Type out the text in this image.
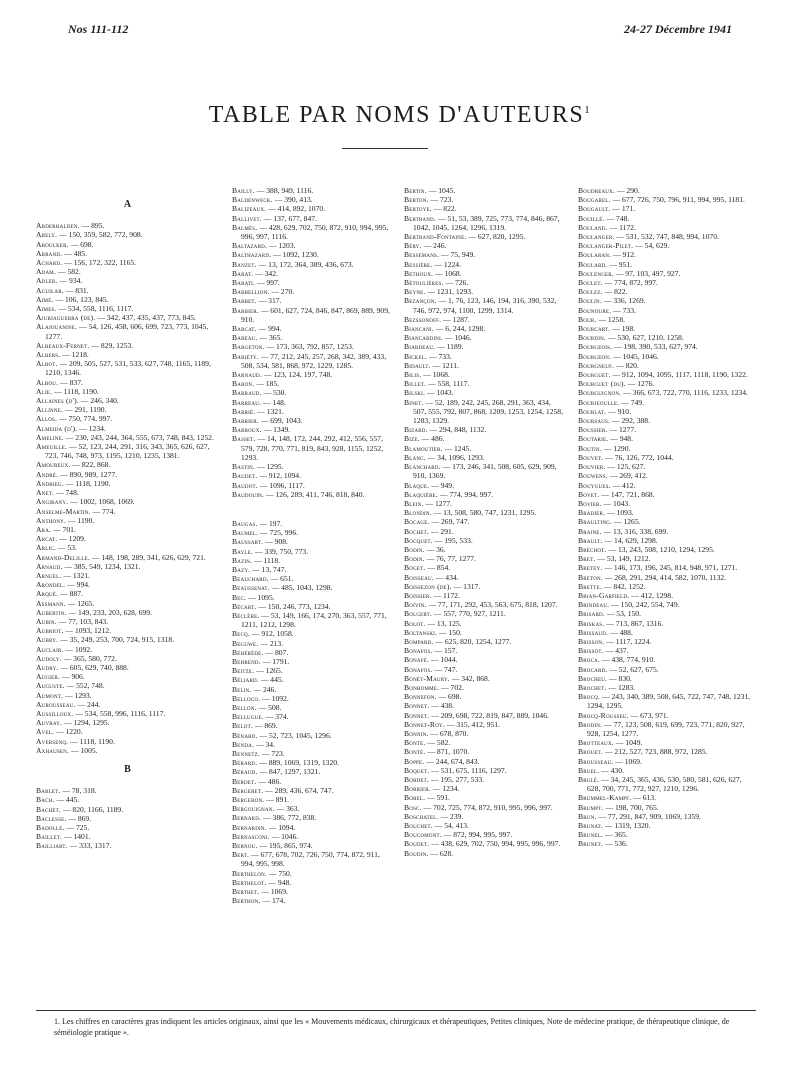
Nos 111-112	24-27 Décembre 1941
TABLE PAR NOMS D'AUTEURS$^1$
A
Abderhalden. — 895.
Abely. — 150, 359, 582, 772, 908.
Aboulker. — 698.
Abrand. — 485.
Achard. — 156, 172, 322, 1165.
Adam. — 582.
Adler. — 934.
Aguilar. — 831.
Aimé. — 106, 123, 845.
Aimes. — 534, 558, 1116, 1117.
Ajuriaguerra (de). — 342, 437, 435, 437, 773, 845.
Alajouanine. — 54, 126, 458, 606, 699, 723, 773, 1045, 1277.
Albeaux-Fernet. — 829, 1253.
Albers. — 1218.
Albot. — 209, 505, 527, 531, 533, 627, 748, 1165, 1189, 1210, 1346.
Albou. — 837.
Alie. — 1118, 1190.
Allaines (d'). — 246, 340.
Allinne. — 291, 1190.
Allos. — 750, 774, 997.
Almeida (d'). — 1234.
Ameline. — 230, 243, 244, 364, 555, 673, 748, 843, 1252.
Ameuille. — 52, 123, 244, 291, 316, 343, 365, 626, 627, 723, 746, 748, 973, 1195, 1210, 1235, 1381.
Amoureux. — 822, 868.
André. — 890, 989, 1277.
Andrieu. — 1118, 1190.
Anet. — 748.
Angibany. — 1002, 1068, 1069.
Anselme-Martin. — 774.
Anthony. — 1190.
Ara. — 701.
Arcat. — 1209.
Arlic. — 53.
Armand-Delille. — 148, 198, 289, 341, 626, 629, 721.
Arnaud. — 385, 549, 1234, 1321.
Arnuel. — 1321.
Arondel. — 994.
Arqué. — 887.
Assmann. — 1265.
Aubertin. — 149, 233, 203, 628, 699.
Aubin. — 77, 103, 843.
Aubriot. — 1093, 1212.
Aubry. — 35, 249, 253, 700, 724, 915, 1318.
Auclair. — 1092.
Audoly. — 365, 580, 772.
Audry. — 605, 629, 740, 888.
Augier. — 906.
Auguste. — 552, 748.
Aumont. — 1293.
Aurousseau. — 244.
Aussilloux. — 534, 558, 996, 1116, 1117.
Auvray. — 1294, 1295.
Avel. — 1220.
Aversenq. — 1118, 1190.
Axhausen. — 1005.
B
Bablet. — 78, 318.
Bach. — 445.
Bachet. — 820, 1166, 1189.
Baclesse. — 869.
Badolle. — 725.
Bailleт. — 1401.
Bailliart. — 333, 1317.
Bailly. — 388, 949, 1116.
Baldenweck. — 390, 413.
Balizeaux. — 414, 892, 1070.
Ballivet. — 137, 677, 847.
Balmès. — 428, 629, 702, 750, 872, 910, 994, 995, 996, 997, 1116.
Baltazard. — 1203.
Balthazard. — 1092, 1230.
Banzet. — 13, 172, 364, 389, 436, 673.
Barat. — 342.
Barati. — 997.
Barbellion. — 270.
Barbet. — 317.
Barbier. — 601, 627, 724, 846, 847, 869, 889, 909, 910.
Barcat. — 994.
Bareau. — 365.
Bargeton. — 173, 363, 792, 857, 1253.
Bariéty. — 77, 212, 245, 257, 268, 342, 389, 433, 508, 534, 581, 868, 972, 1229, 1285.
Barnaud. — 123, 124, 197, 748.
Baron. — 185.
Barraud. — 530.
Barreau. — 148.
Barrié. — 1321.
Barrier. — 699, 1043.
Barroux. — 1349.
Basset. — 14, 148, 172, 244, 292, 412, 556, 557, 579, 728, 770, 771, 819, 843, 928, 1155, 1252, 1293.
Bastin. — 1295.
Baudet. — 912, 1094.
Baudot. — 1096, 1117.
Baudouin. — 126, 289, 411, 746, 818, 840.
Baugas. — 197.
Baumel. — 725, 996.
Baussart. — 908.
Bayle. — 339, 750, 773.
Bazin. — 1118.
Bazy. — 13, 747.
Beauchard. — 651.
Beaussenat. — 485, 1043, 1298.
Bec. — 1095.
Bécart. — 150, 246, 773, 1234.
Béclère. — 53, 149, 166, 174, 270, 363, 557, 771, 1211, 1212, 1298.
Becq. — 912, 1058.
Beguwe. — 213.
Béhérède. — 807.
Behrend. — 1791.
Beitze. — 1265.
Béliard. — 445.
Belin. — 246.
Belloco. — 1092.
Bellon. — 508.
Belluguе. — 374.
Beloт. — 869.
Bénard. — 52, 723, 1045, 1296.
Benda. — 34.
Bennetz. — 723.
Bérard. — 889, 1069, 1319, 1320.
Béraud. — 847, 1297, 1321.
Berdet. — 486.
Bergeret. — 289, 436, 674, 747.
Bergeron. — 891.
Bergouignan. — 363.
Bernard. — 386, 772, 838.
Bernardin. — 1094.
Bernasconi. — 1046.
Bernou. — 195, 865, 974.
Bert. — 677, 678, 702, 726, 750, 774, 872, 911, 994, 995, 998.
Berthelon. — 750.
Berthelot. — 948.
Berthet. — 1069.
Berthon. — 174.
Bertin. — 1045.
Berton. — 723.
Bertoye. — 822.
Bertrand. — 51, 53, 389, 725, 773, 774, 846, 867, 1042, 1045, 1264, 1296, 1319.
Bertrand-Fontaine. — 627, 820, 1295.
Béry. — 246.
Bessemans. — 75, 949.
Bessière. — 1224.
Bethoux. — 1068.
Bétoulières. — 726.
Beyne. — 1231, 1293.
Bezançon. — 1, 76, 123, 146, 194, 316, 390, 532, 746, 972, 974, 1100, 1299, 1314.
Bezssonoff. — 1287.
Biancani. — 6, 244, 1298.
Biancardini. — 1046.
Biardeau. — 1189.
Bickel. — 733.
Bidault. — 1211.
Bilis. — 1068.
Billet. — 558, 1117.
Bilski. — 1043.
Binet. — 52, 189, 242, 245, 268, 291, 363, 434, 507, 555, 792, 807, 868, 1209, 1253, 1254, 1258, 1283, 1329.
Bizard. — 294, 848, 1132.
Bize. — 486.
Blamoutier. — 1245.
Blanc. — 34, 1096, 1293.
Blanchard. — 173, 246, 341, 508, 605, 629, 909, 910, 1369.
Blaque. — 949.
Blaquière. — 774, 994, 997.
Blein. — 1277.
Blondin. — 13, 508, 580, 747, 1231, 1295.
Bocage. — 269, 747.
Bochet. — 291.
Bocquet. — 195, 533.
Bodin. — 36.
Bodin. — 76, 77, 1277.
Boget. — 854.
Boisseau. — 434.
Boissezon (de). — 1317.
Boissier. — 1172.
Boivin. — 77, 171, 292, 453, 563, 675, 818, 1207.
Bolgert. — 557, 770, 927, 1211.
Bolot. — 13, 125.
Boltanski. — 150.
Bompard. — 625, 820, 1254, 1277.
Bonafos. — 157.
Bonafé. — 1044.
Bonafos. — 747.
Bonét-Maury. — 342, 868.
Bonhomme. — 702.
Bonnefon. — 698.
Bonnet. — 438.
Bonnet. — 209, 698, 722, 819, 847, 889, 1046.
Bonnet-Roy. — 315, 412, 951.
Bonnin. — 678, 870.
Bonte. — 582.
Bonté. — 871, 1070.
Boppe. — 244, 674, 843.
Boquet. — 531, 675, 1116, 1297.
Bordet. — 195, 277, 533.
Borrier. — 1234.
Borel. — 591.
Bosc. — 702, 725, 774, 872, 910, 995, 996, 997.
Boschatel. — 239.
Bouchet. — 54, 413.
Boucomont. — 872, 994, 995, 997.
Boudet. — 438, 629, 702, 750, 994, 995, 996, 997.
Boudin. — 628.
Boudreaux. — 290.
Bougarel. — 677, 726, 750, 796, 911, 994, 995, 1181.
Bougault. — 171.
Bouillé. — 748.
Bouland. — 1172.
Boulanger. — 531, 532, 747, 848, 994, 1070.
Boulanger-Pilet. — 54, 629.
Boularan. — 912.
Boulard. — 951.
Boulenger. — 97, 103, 497, 927.
Boulet. — 774, 872, 997.
Boulez. — 822.
Boulin. — 336, 1269.
Bounoure. — 733.
Bour. — 1258.
Bourcart. — 198.
Bourdin. — 530, 627, 1210, 1258.
Bourgeois. — 198, 390, 533, 627, 974.
Bourgeon. — 1045, 1046.
Bourgneuf. — 820.
Bourguet. — 912, 1094, 1095, 1117, 1118, 1190, 1322.
Bourguet (du). — 1276.
Bourguignon. — 366, 673, 722, 770, 1116, 1233, 1234.
Bourjeoulle. — 749.
Bourlat. — 910.
Boursaus. — 292, 388.
Boussier. — 1277.
Boutarie. — 948.
Boutin. — 1290.
Bouvet. — 76, 126, 772, 1044.
Bouvier. — 125, 627.
Bouwens. — 269, 412.
Bouygues. — 412.
Bovet. — 147, 721, 868.
Bovier. — 1043.
Bradier. — 1093.
Braulting. — 1265.
Braine. — 13, 316, 338, 699.
Brault. — 14, 629, 1298.
Bréchot. — 13, 243, 508, 1210, 1294, 1295.
Bret. — 53, 149, 1212.
Bretey. — 146, 173, 196, 245, 814, 948, 971, 1271.
Breton. — 268, 291, 294, 414, 582, 1070, 1132.
Brette. — 842, 1252.
Brian-Garfield. — 412, 1298.
Brindeau. — 150, 242, 554, 749.
Brisard. — 53, 150.
Briskas. — 713, 867, 1316.
Brissaud. — 488.
Brisson. — 1117, 1224.
Brissot. — 437.
Broca. — 438, 774, 910.
Brocard. — 52, 627, 675.
Brocheu. — 830.
Brochet. — 1283.
Brocq. — 243, 340, 389, 508, 645, 722, 747, 748, 1231, 1294, 1295.
Brocq-Rousseu. — 673, 971.
Brodin. — 77, 123, 508, 619, 699, 723, 771, 820, 927, 928, 1254, 1277.
Brotteaux. — 1049.
Brouet. — 212, 527, 723, 888, 972, 1285.
Brousseau. — 1069.
Bruel. — 430.
Brulé. — 34, 245, 365, 436, 530, 580, 581, 626, 627, 628, 700, 771, 772, 927, 1210, 1296.
Brummel-Kampf. — 613.
Brumpt. — 198, 700, 765.
Brun. — 77, 291, 847, 909, 1069, 1359.
Brunat. — 1319, 1320.
Brunel. — 365.
Brunet. — 536.
1. Les chiffres en caractères gras indiquent les articles originaux, ainsi que les « Mouvements médicaux, chirurgicaux et thérapeutiques, Petites cliniques, Note de médecine pratique, de thérapeutique clinique, de séméiologie pratique ».
